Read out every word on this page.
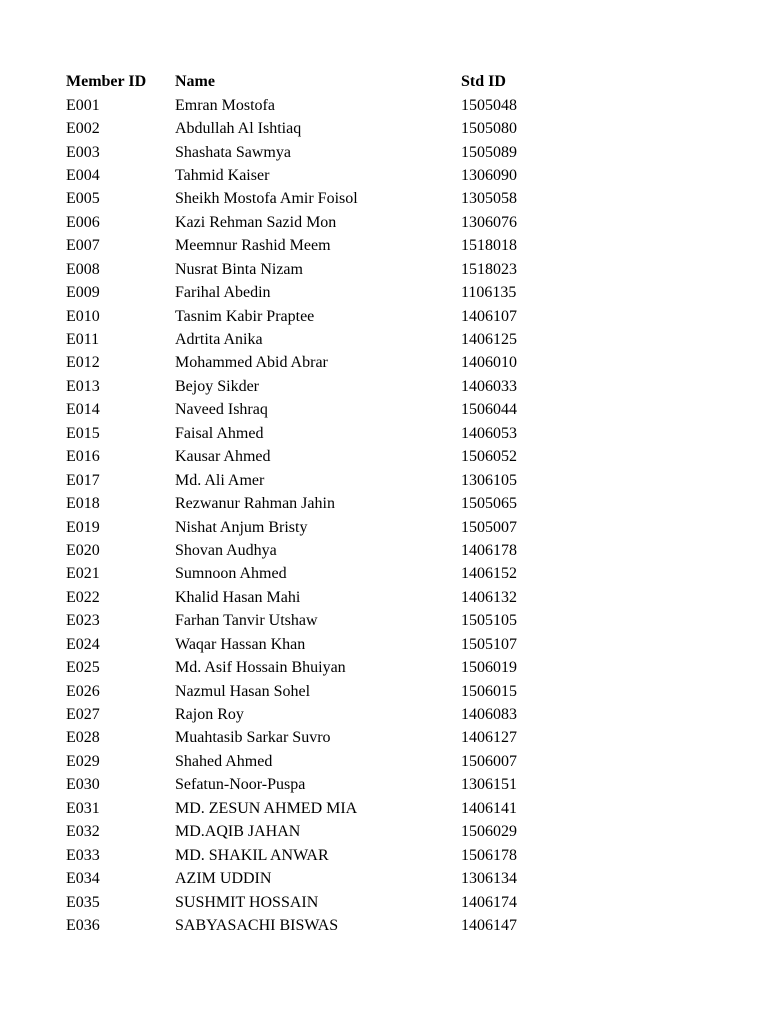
Member ID	Name	Std ID
E001	Emran Mostofa	1505048
E002	Abdullah Al Ishtiaq	1505080
E003	Shashata Sawmya	1505089
E004	Tahmid Kaiser	1306090
E005	Sheikh Mostofa Amir Foisol	1305058
E006	Kazi Rehman Sazid Mon	1306076
E007	Meemnur Rashid Meem	1518018
E008	Nusrat Binta Nizam	1518023
E009	Farihal Abedin	1106135
E010	Tasnim Kabir Praptee	1406107
E011	Adrtita Anika	1406125
E012	Mohammed Abid Abrar	1406010
E013	Bejoy Sikder	1406033
E014	Naveed Ishraq	1506044
E015	Faisal Ahmed	1406053
E016	Kausar Ahmed	1506052
E017	Md. Ali Amer	1306105
E018	Rezwanur Rahman Jahin	1505065
E019	Nishat Anjum Bristy	1505007
E020	Shovan Audhya	1406178
E021	Sumnoon Ahmed	1406152
E022	Khalid Hasan Mahi	1406132
E023	Farhan Tanvir Utshaw	1505105
E024	Waqar Hassan Khan	1505107
E025	Md. Asif Hossain Bhuiyan	1506019
E026	Nazmul Hasan Sohel	1506015
E027	Rajon Roy	1406083
E028	Muahtasib Sarkar Suvro	1406127
E029	Shahed Ahmed	1506007
E030	Sefatun-Noor-Puspa	1306151
E031	MD. ZESUN AHMED MIA	1406141
E032	MD.AQIB JAHAN	1506029
E033	MD. SHAKIL ANWAR	1506178
E034	AZIM UDDIN	1306134
E035	SUSHMIT HOSSAIN	1406174
E036	SABYASACHI BISWAS	1406147
